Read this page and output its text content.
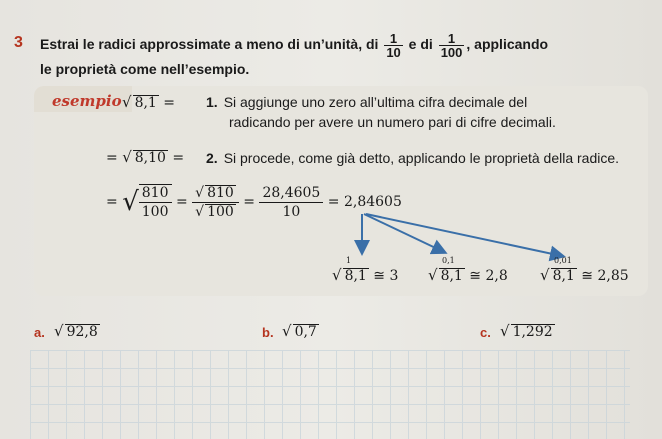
3 Estrai le radici approssimate a meno di un’unità, di $\frac{1}{10}$ e di $\frac{1}{100}$ , applicando
le proprietà come nell’esempio.
esempio √ 8,1 = 1. Si aggiunge uno zero all’ultima cifra decimale del
radicando per avere un numero pari di cifre decimali.
= √ 8,10 = 2. Si procede, come già detto, applicando le proprietà della radice.
= √ $\frac{810}{100} = \frac{√ 810}{√ 100} = \frac{28,4605}{10} = 2,84605$
1
√ 8,1 ≅ 3
0,1
√ 8,1 ≅ 2,8
0,01
√ 8,1 ≅ 2,85
a. √ 92,8	b. √ 0,7	c. √ 1,292
